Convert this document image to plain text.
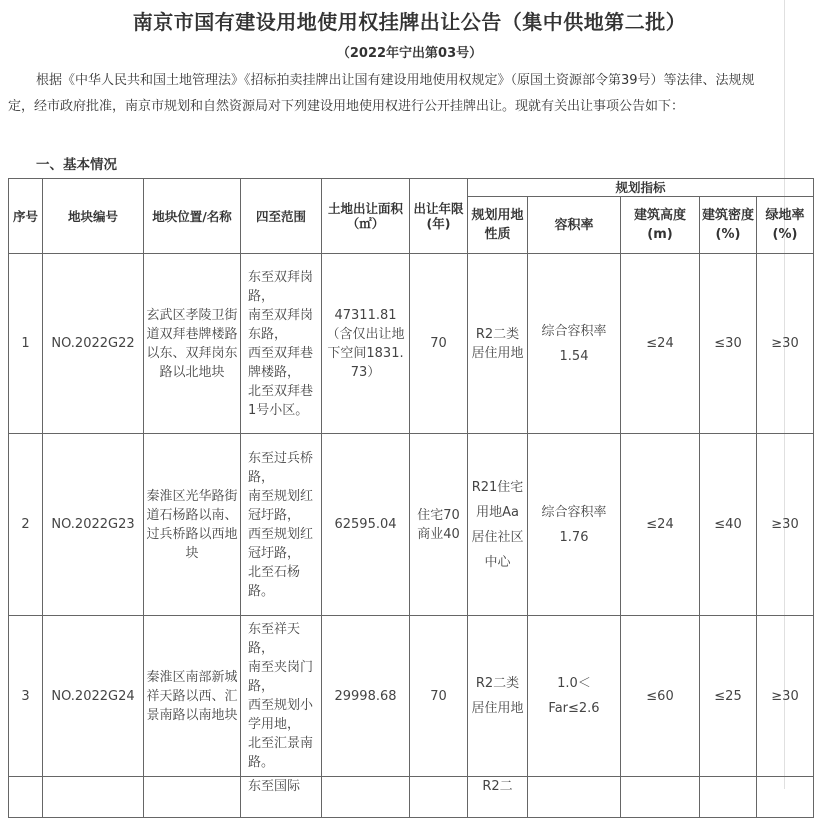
南京市国有建设用地使用权挂牌出让公告（集中供地第二批）
（2022年宁出第03号）

根据《中华人民共和国土地管理法》《招标拍卖挂牌出让国有建设用地使用权规定》（原国土资源部令第39号）等法律、法规规定，经市政府批准，南京市规划和自然资源局对下列建设用地使用权进行公开挂牌出让。现就有关出让事项公告如下：

一、基本情况
序号	地块编号	地块位置/名称	四至范围	土地出让面积（㎡）	出让年限(年)	规划指标				
						规划用地性质	容积率	建筑高度(m)	建筑密度(%)	绿地率(%)
1	NO.2022G22	玄武区孝陵卫街道双拜巷牌楼路以东、双拜岗东路以北地块	东至双拜岗路，
南至双拜岗东路，
西至双拜巷牌楼路，
北至双拜巷1号小区。	47311.81
（含仅出让地下空间1831.73）	70	R2二类居住用地	综合容积率
1.54	≤24	≤30	≥30
2	NO.2022G23	秦淮区光华路街道石杨路以南、过兵桥路以西地块	东至过兵桥路，
南至规划红冠圩路，
西至规划红冠圩路，
北至石杨路。	62595.04	住宅70
商业40	R21住宅用地Aa居住社区中心	综合容积率
1.76	≤24	≤40	≥30
3	NO.2022G24	秦淮区南部新城祥天路以西、汇景南路以南地块	东至祥天路，
南至夹岗门路，
西至规划小学用地，
北至汇景南路。	29998.68	70	R2二类居住用地	1.0＜
Far≤2.6	≤60	≤25	≥30

			东至国际			R2二				
